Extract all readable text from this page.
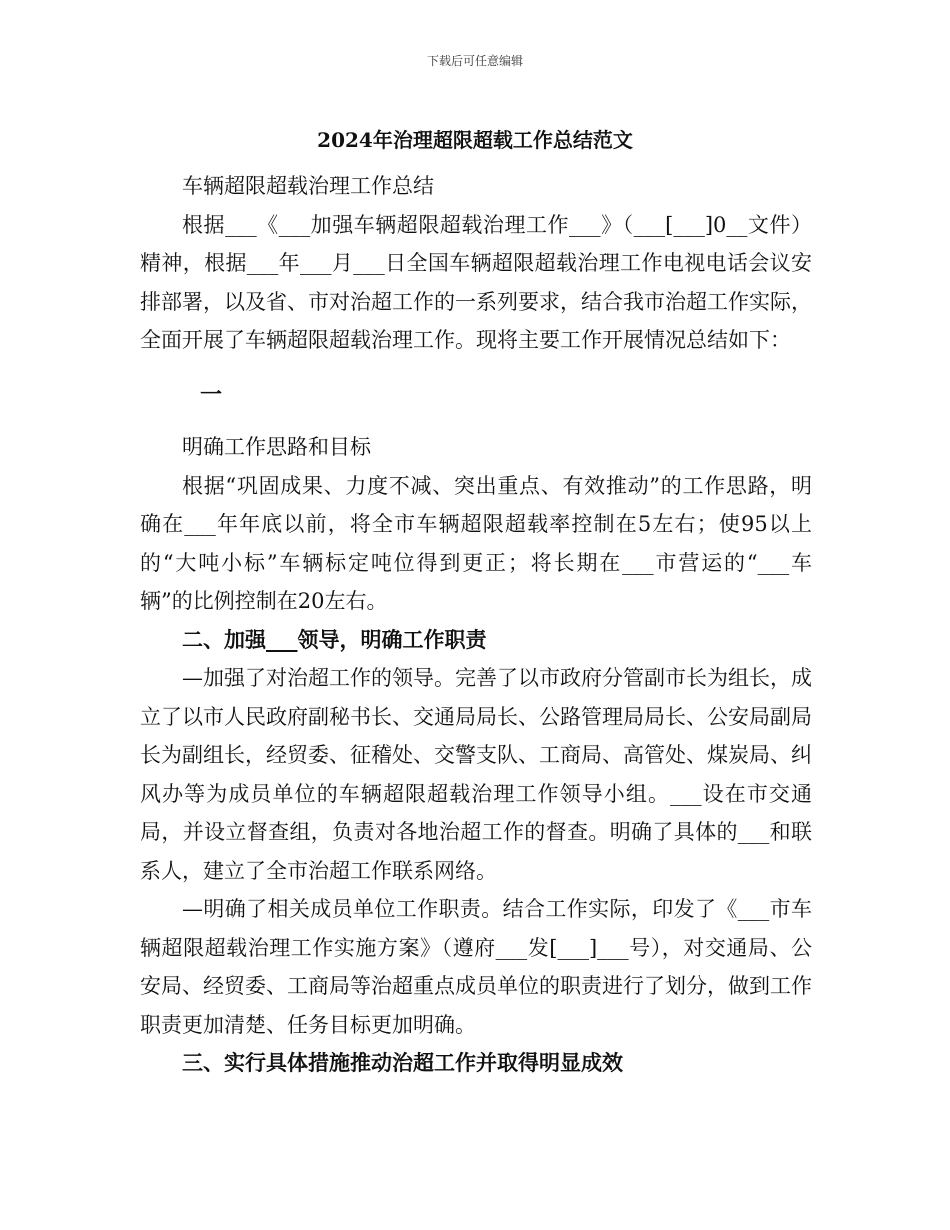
下载后可任意编辑
2024年治理超限超载工作总结范文

车辆超限超载治理工作总结

根据___《___加强车辆超限超载治理工作___》（___[___]0__文件）精神，根据___年___月___日全国车辆超限超载治理工作电视电话会议安排部署，以及省、市对治超工作的一系列要求，结合我市治超工作实际，全面开展了车辆超限超载治理工作。现将主要工作开展情况总结如下：

一

明确工作思路和目标

根据“巩固成果、力度不减、突出重点、有效推动”的工作思路，明确在___年年底以前，将全市车辆超限超载率控制在5左右；使95以上的“大吨小标”车辆标定吨位得到更正；将长期在___市营运的“___车辆”的比例控制在20左右。

二、加强___领导，明确工作职责

—加强了对治超工作的领导。完善了以市政府分管副市长为组长，成立了以市人民政府副秘书长、交通局局长、公路管理局局长、公安局副局长为副组长，经贸委、征稽处、交警支队、工商局、高管处、煤炭局、纠风办等为成员单位的车辆超限超载治理工作领导小组。___设在市交通局，并设立督查组，负责对各地治超工作的督查。明确了具体的___和联系人，建立了全市治超工作联系网络。

—明确了相关成员单位工作职责。结合工作实际，印发了《___市车辆超限超载治理工作实施方案》（遵府___发[___]___号），对交通局、公安局、经贸委、工商局等治超重点成员单位的职责进行了划分，做到工作职责更加清楚、任务目标更加明确。

三、实行具体措施推动治超工作并取得明显成效
